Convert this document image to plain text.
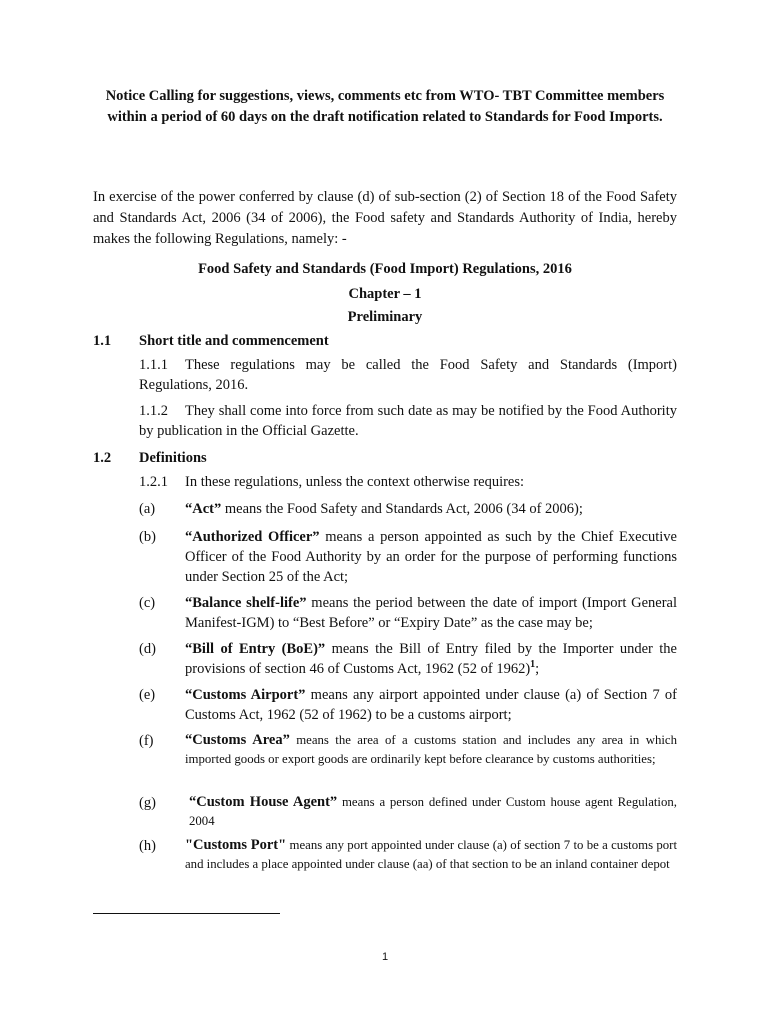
Notice Calling for suggestions, views, comments etc from WTO- TBT Committee members within a period of 60 days on the draft notification related to Standards for Food Imports.
In exercise of the power conferred by clause (d) of sub-section (2) of Section 18 of the Food Safety and Standards Act, 2006 (34 of 2006), the Food safety and Standards Authority of India, hereby makes the following Regulations, namely: -
Food Safety and Standards (Food Import) Regulations, 2016
Chapter – 1
Preliminary
1.1 Short title and commencement
1.1.1 These regulations may be called the Food Safety and Standards (Import) Regulations, 2016.
1.1.2 They shall come into force from such date as may be notified by the Food Authority by publication in the Official Gazette.
1.2 Definitions
1.2.1 In these regulations, unless the context otherwise requires:
(a) “Act” means the Food Safety and Standards Act, 2006 (34 of 2006);
(b) “Authorized Officer” means a person appointed as such by the Chief Executive Officer of the Food Authority by an order for the purpose of performing functions under Section 25 of the Act;
(c) “Balance shelf-life” means the period between the date of import (Import General Manifest-IGM) to “Best Before” or “Expiry Date” as the case may be;
(d) “Bill of Entry (BoE)” means the Bill of Entry filed by the Importer under the provisions of section 46 of Customs Act, 1962 (52 of 1962)$^1$;
(e) “Customs Airport” means any airport appointed under clause (a) of Section 7 of Customs Act, 1962 (52 of 1962) to be a customs airport;
(f) “Customs Area” means the area of a customs station and includes any area in which imported goods or export goods are ordinarily kept before clearance by customs authorities;
(g) “Custom House Agent” means a person defined under Custom house agent Regulation, 2004
(h) "Customs Port" means any port appointed under clause (a) of section 7 to be a customs port and includes a place appointed under clause (aa) of that section to be an inland container depot
1
